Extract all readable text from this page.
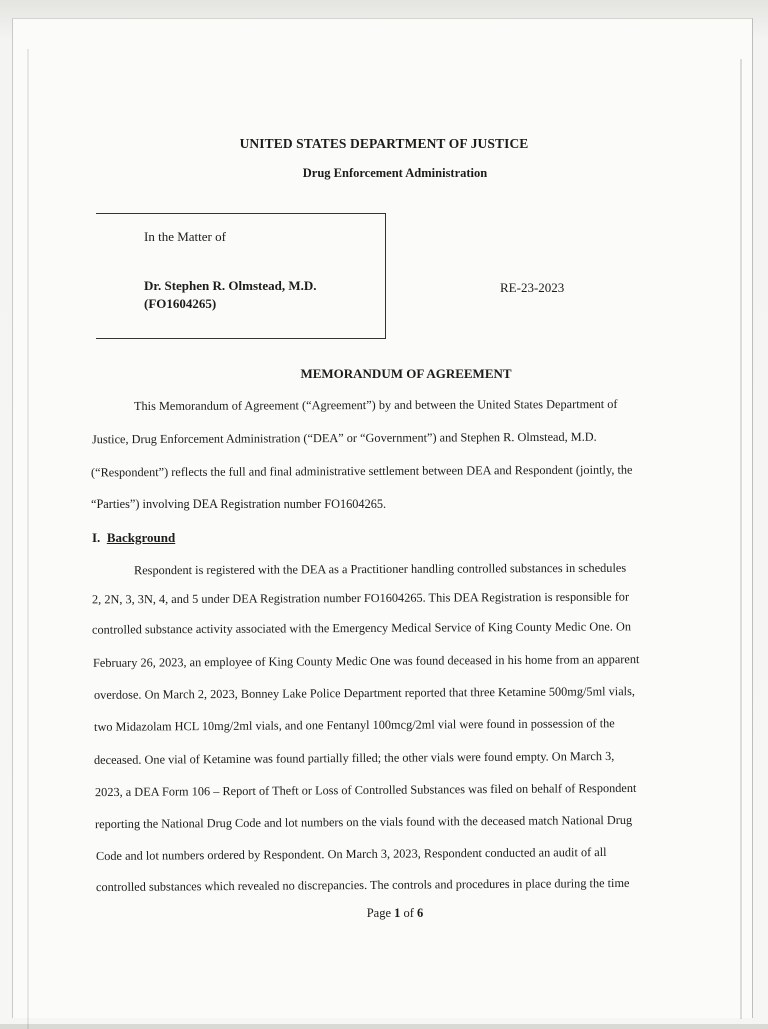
UNITED STATES DEPARTMENT OF JUSTICE
Drug Enforcement Administration
In the Matter of
Dr. Stephen R. Olmstead, M.D.
(FO1604265)
RE-23-2023
MEMORANDUM OF AGREEMENT
This Memorandum of Agreement (“Agreement”) by and between the United States Department of
Justice, Drug Enforcement Administration (“DEA” or “Government”) and Stephen R. Olmstead, M.D.
(“Respondent”) reflects the full and final administrative settlement between DEA and Respondent (jointly, the
“Parties”) involving DEA Registration number FO1604265.
I. Background
Respondent is registered with the DEA as a Practitioner handling controlled substances in schedules
2, 2N, 3, 3N, 4, and 5 under DEA Registration number FO1604265. This DEA Registration is responsible for
controlled substance activity associated with the Emergency Medical Service of King County Medic One. On
February 26, 2023, an employee of King County Medic One was found deceased in his home from an apparent
overdose. On March 2, 2023, Bonney Lake Police Department reported that three Ketamine 500mg/5ml vials,
two Midazolam HCL 10mg/2ml vials, and one Fentanyl 100mcg/2ml vial were found in possession of the
deceased. One vial of Ketamine was found partially filled; the other vials were found empty. On March 3,
2023, a DEA Form 106 – Report of Theft or Loss of Controlled Substances was filed on behalf of Respondent
reporting the National Drug Code and lot numbers on the vials found with the deceased match National Drug
Code and lot numbers ordered by Respondent. On March 3, 2023, Respondent conducted an audit of all
controlled substances which revealed no discrepancies. The controls and procedures in place during the time
Page 1 of 6
